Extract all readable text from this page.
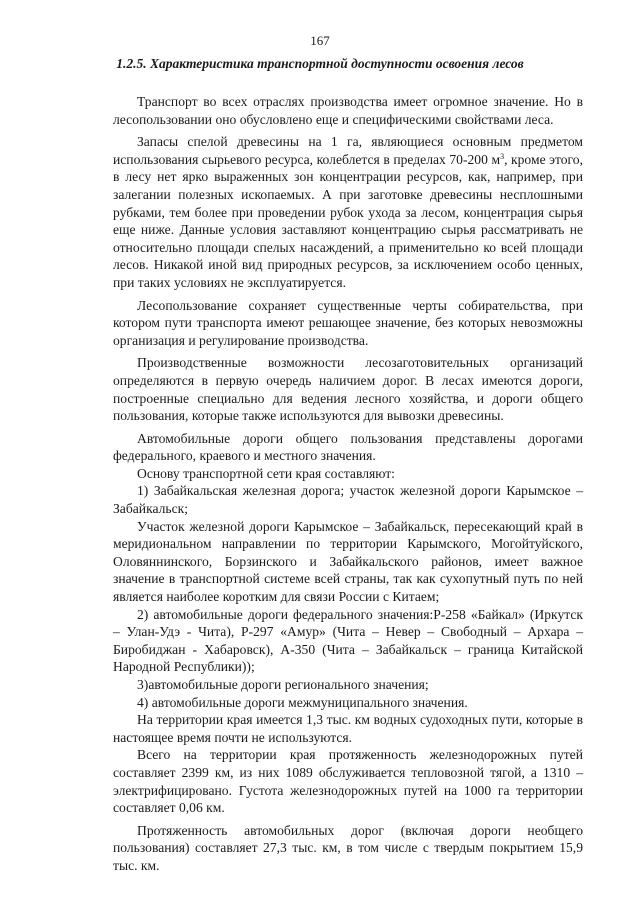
167
1.2.5. Характеристика транспортной доступности освоения лесов

Транспорт во всех отраслях производства имеет огромное значение. Но в лесопользовании оно обусловлено еще и специфическими свойствами леса.

Запасы спелой древесины на 1 га, являющиеся основным предметом использования сырьевого ресурса, колеблется в пределах 70-200 $м^3$, кроме этого, в лесу нет ярко выраженных зон концентрации ресурсов, как, например, при залегании полезных ископаемых. А при заготовке древесины несплошными рубками, тем более при проведении рубок ухода за лесом, концентрация сырья еще ниже. Данные условия заставляют концентрацию сырья рассматривать не относительно площади спелых насаждений, а применительно ко всей площади лесов. Никакой иной вид природных ресурсов, за исключением особо ценных, при таких условиях не эксплуатируется.

Лесопользование сохраняет существенные черты собирательства, при котором пути транспорта имеют решающее значение, без которых невозможны организация и регулирование производства.

Производственные возможности лесозаготовительных организаций определяются в первую очередь наличием дорог. В лесах имеются дороги, построенные специально для ведения лесного хозяйства, и дороги общего пользования, которые также используются для вывозки древесины.

Автомобильные дороги общего пользования представлены дорогами федерального, краевого и местного значения.

Основу транспортной сети края составляют:

1) Забайкальская железная дорога; участок железной дороги Карымское – Забайкальск;

Участок железной дороги Карымское – Забайкальск, пересекающий край в меридиональном направлении по территории Карымского, Могойтуйского, Оловяннинского, Борзинского и Забайкальского районов, имеет важное значение в транспортной системе всей страны, так как сухопутный путь по ней является наиболее коротким для связи России с Китаем;

2) автомобильные дороги федерального значения:Р-258 «Байкал» (Иркутск – Улан-Удэ - Чита), Р-297 «Амур» (Чита – Невер – Свободный – Архара – Биробиджан - Хабаровск), А-350 (Чита – Забайкальск – граница Китайской Народной Республики));

3)автомобильные дороги регионального значения;

4) автомобильные дороги межмуниципального значения.

На территории края имеется 1,3 тыс. км водных судоходных пути, которые в настоящее время почти не используются.

Всего на территории края протяженность железнодорожных путей составляет 2399 км, из них 1089 обслуживается тепловозной тягой, а 1310 – электрифицировано. Густота железнодорожных путей на 1000 га территории составляет 0,06 км.

Протяженность автомобильных дорог (включая дороги необщего пользования) составляет 27,3 тыс. км, в том числе с твердым покрытием 15,9 тыс. км.
